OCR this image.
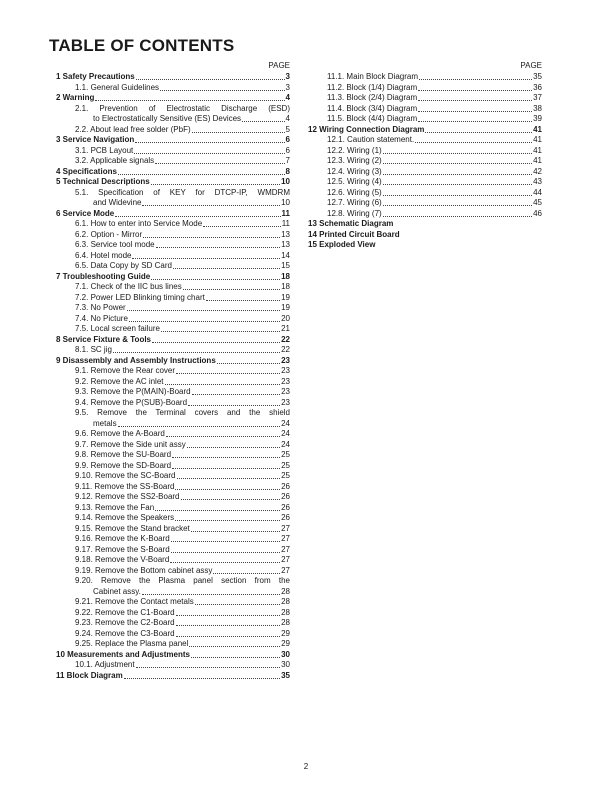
TABLE OF CONTENTS
PAGE
1 Safety Precautions	3
1.1. General Guidelines	3
2 Warning	4
2.1. Prevention of Electrostatic Discharge (ESD)
to Electrostatically Sensitive (ES) Devices	4
2.2. About lead free solder (PbF)	5
3 Service Navigation	6
3.1. PCB Layout	6
3.2. Applicable signals	7
4 Specifications	8
5 Technical Descriptions	10
5.1. Specification of KEY for DTCP-IP, WMDRM
and Widevine	10
6 Service Mode	11
6.1. How to enter into Service Mode	11
6.2. Option - Mirror	13
6.3. Service tool mode	13
6.4. Hotel mode	14
6.5. Data Copy by SD Card	15
7 Troubleshooting Guide	18
7.1. Check of the IIC bus lines	18
7.2. Power LED Blinking timing chart	19
7.3. No Power	19
7.4. No Picture	20
7.5. Local screen failure	21
8 Service Fixture & Tools	22
8.1. SC jig	22
9 Disassembly and Assembly Instructions	23
9.1. Remove the Rear cover	23
9.2. Remove the AC inlet	23
9.3. Remove the P(MAIN)-Board	23
9.4. Remove the P(SUB)-Board	23
9.5. Remove the Terminal covers and the shield
metals	24
9.6. Remove the A-Board	24
9.7. Remove the Side unit assy	24
9.8. Remove the SU-Board	25
9.9. Remove the SD-Board	25
9.10. Remove the SC-Board	25
9.11. Remove the SS-Board	26
9.12. Remove the SS2-Board	26
9.13. Remove the Fan	26
9.14. Remove the Speakers	26
9.15. Remove the Stand bracket	27
9.16. Remove the K-Board	27
9.17. Remove the S-Board	27
9.18. Remove the V-Board	27
9.19. Remove the Bottom cabinet assy	27
9.20. Remove the Plasma panel section from the
Cabinet assy.	28
9.21. Remove the Contact metals	28
9.22. Remove the C1-Board	28
9.23. Remove the C2-Board	28
9.24. Remove the C3-Board	29
9.25. Replace the Plasma panel	29
10 Measurements and Adjustments	30
10.1. Adjustment	30
11 Block Diagram	35
PAGE
11.1. Main Block Diagram	35
11.2. Block (1/4) Diagram	36
11.3. Block (2/4) Diagram	37
11.4. Block (3/4) Diagram	38
11.5. Block (4/4) Diagram	39
12 Wiring Connection Diagram	41
12.1. Caution statement.	41
12.2. Wiring (1)	41
12.3. Wiring (2)	41
12.4. Wiring (3)	42
12.5. Wiring (4)	43
12.6. Wiring (5)	44
12.7. Wiring (6)	45
12.8. Wiring (7)	46
13 Schematic Diagram
14 Printed Circuit Board
15 Exploded View
2
